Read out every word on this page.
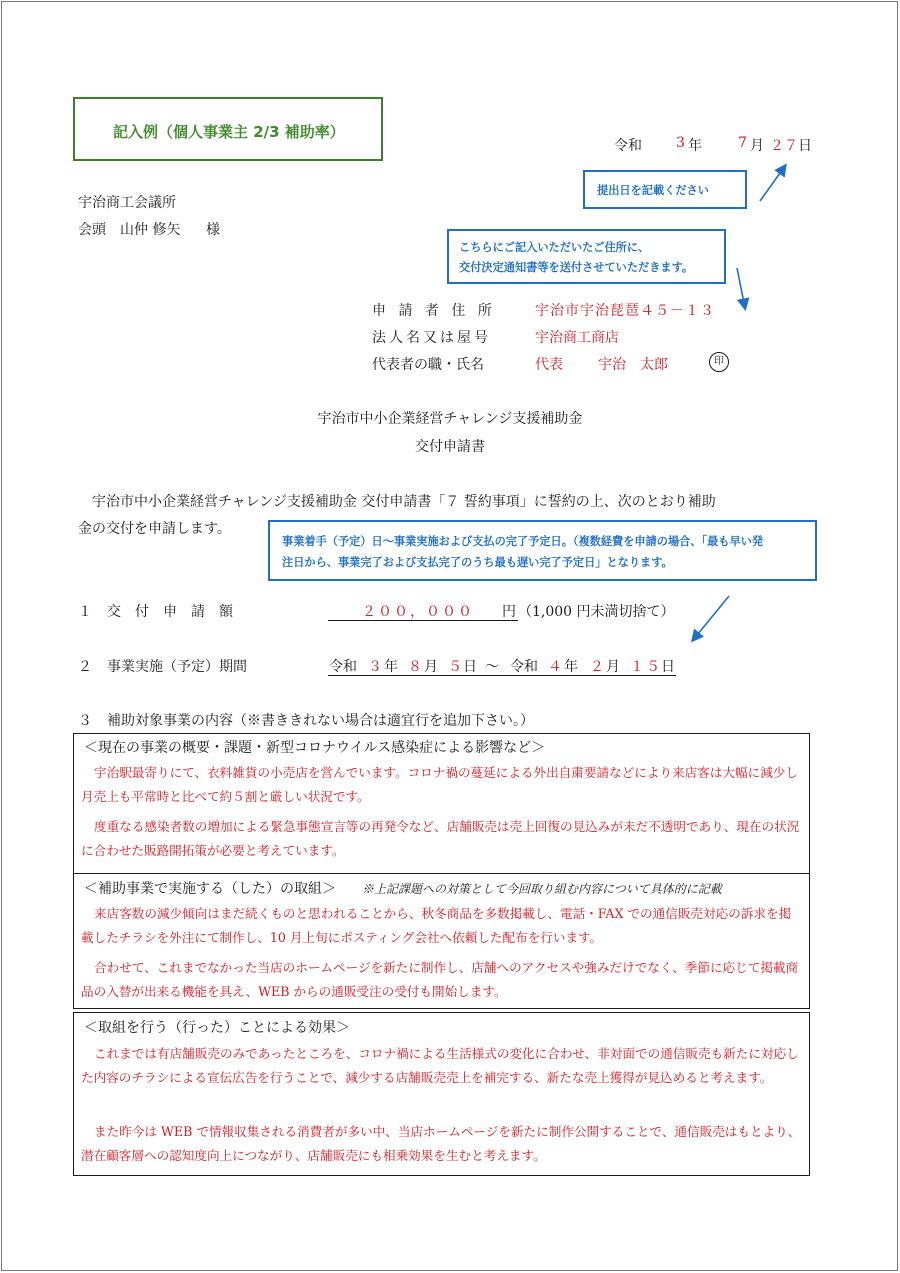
記入例（個人事業主 2/3 補助率）
令和 3 年	7 月 ２７ 日
宇治商工会議所
会頭 山仲 修矢 様
提出日を記載ください
こちらにご記入いただいたご住所に、
交付決定通知書等を送付させていただきます。
事業着手（予定）日～事業実施および支払の完了予定日。（複数経費を申請の場合、「最も早い発
注日から、事業完了および支払完了のうち最も遅い完了予定日」となります。
申 請 者 住 所	宇治市宇治琵琶４５－１３
法人名又は屋号	宇治商工商店
代表者の職・氏名	代表	宇治　太郎	印
宇治市中小企業経営チャレンジ支援補助金
交付申請書
宇治市中小企業経営チャレンジ支援補助金 交付申請書「７ 誓約事項」に誓約の上、次のとおり補助
金の交付を申請します。
１ 交　付　申　請　額	２００，０００ 円 （1,000 円未満切捨て）
２ 事業実施（予定）期間	令和 ３ 年 ８ 月 ５ 日 ～ 令和 ４ 年 ２ 月 １５ 日
３ 補助対象事業の内容（※書ききれない場合は適宜行を追加下さい。）
＜現在の事業の概要・課題・新型コロナウイルス感染症による影響など＞
宇治駅最寄りにて、衣料雑貨の小売店を営んでいます。コロナ禍の蔓延による外出自粛要請などにより来店客は大幅に減少し月売上も平常時と比べて約５割と厳しい状況です。
度重なる感染者数の増加による緊急事態宣言等の再発令など、店舗販売は売上回復の見込みが未だ不透明であり、現在の状況に合わせた販路開拓策が必要と考えています。
＜補助事業で実施する（した）の取組＞ ※上記課題への対策として今回取り組む内容について具体的に記載
来店客数の減少傾向はまだ続くものと思われることから、秋冬商品を多数掲載し、電話・FAX での通信販売対応の訴求を掲載したチラシを外注にて制作し、10 月上旬にポスティング会社へ依頼した配布を行います。
合わせて、これまでなかった当店のホームページを新たに制作し、店舗へのアクセスや強みだけでなく、季節に応じて掲載商品の入替が出来る機能を具え、WEB からの通販受注の受付も開始します。
＜取組を行う（行った）ことによる効果＞
これまでは有店舗販売のみであったところを、コロナ禍による生活様式の変化に合わせ、非対面での通信販売も新たに対応した内容のチラシによる宣伝広告を行うことで、減少する店舗販売売上を補完する、新たな売上獲得が見込めると考えます。
また昨今は WEB で情報収集される消費者が多い中、当店ホームページを新たに制作公開することで、通信販売はもとより、潜在顧客層への認知度向上につながり、店舗販売にも相乗効果を生むと考えます。
